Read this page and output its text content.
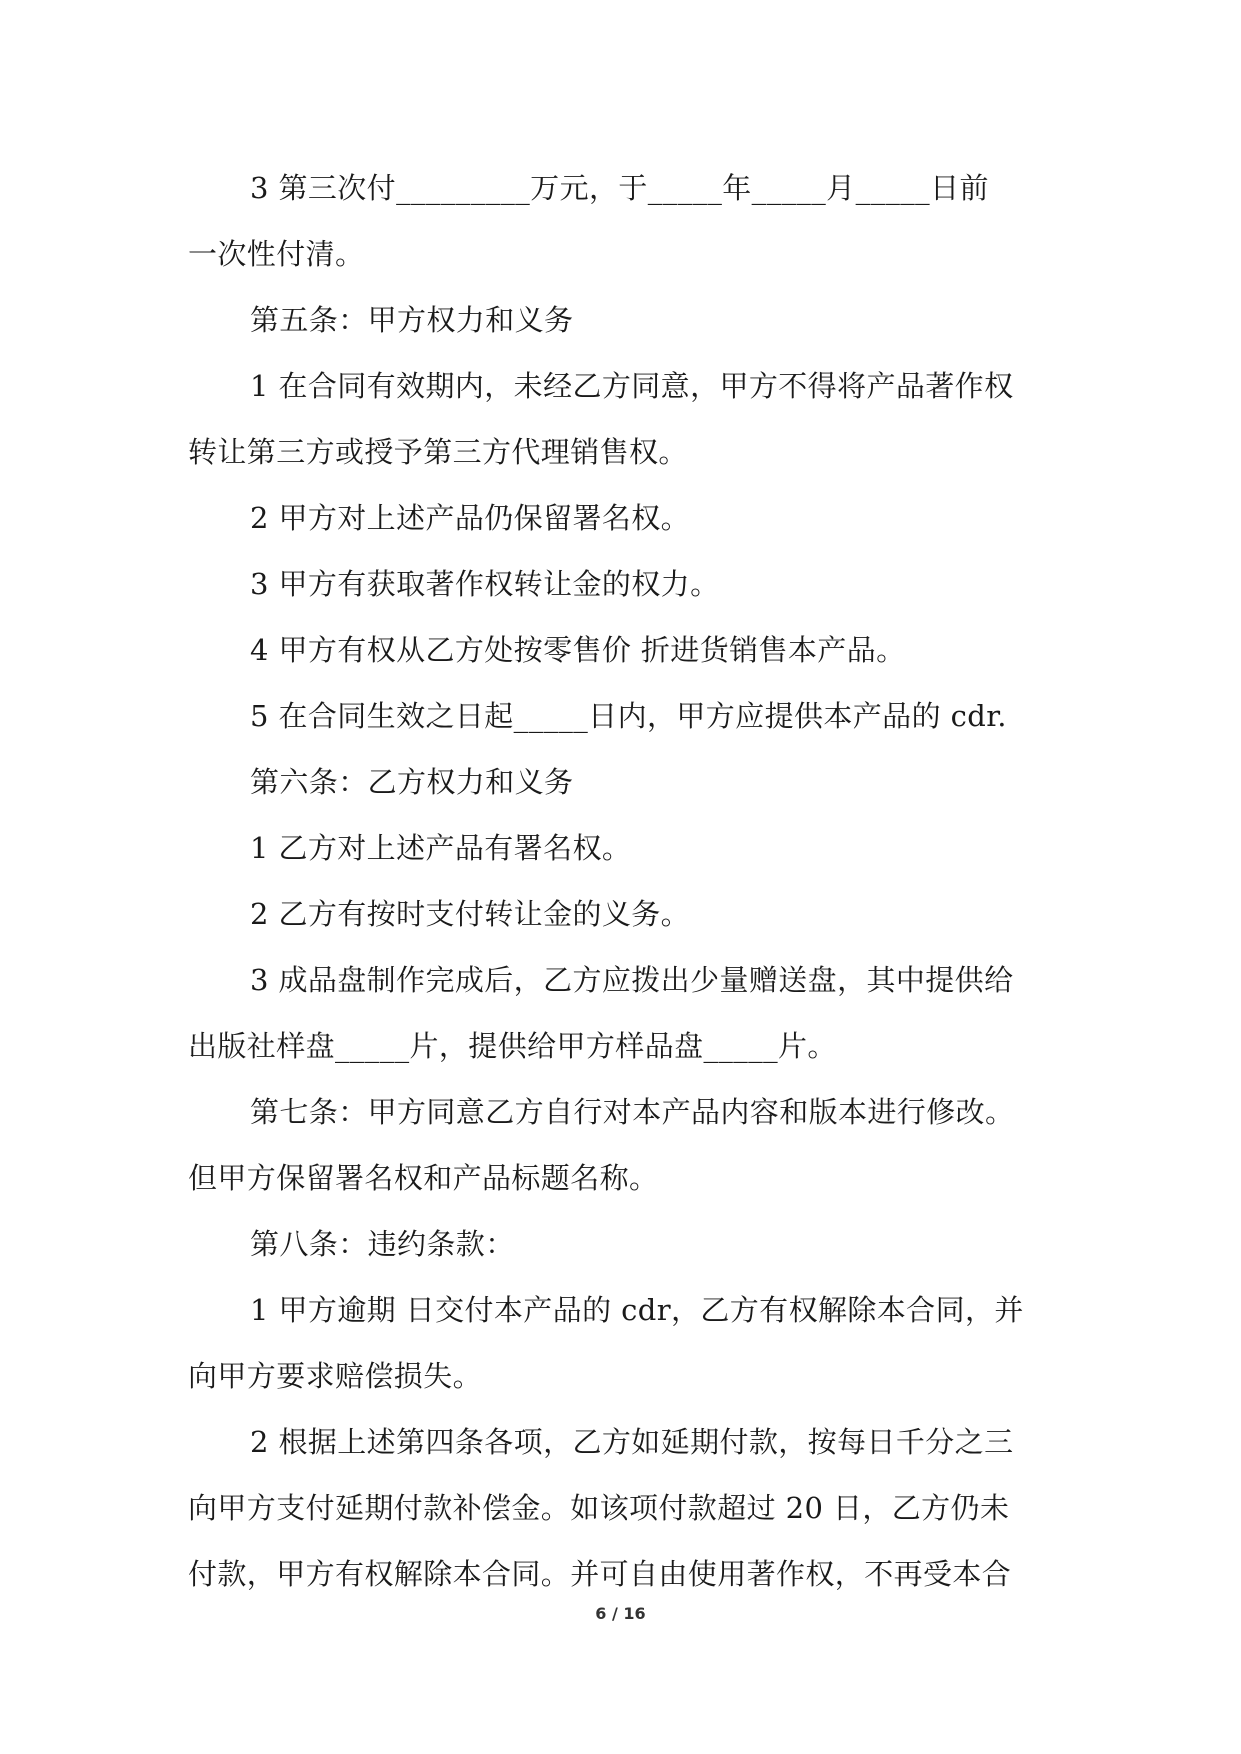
3 第三次付_________万元，于_____年_____月_____日前
一次性付清。
第五条：甲方权力和义务
1 在合同有效期内，未经乙方同意，甲方不得将产品著作权
转让第三方或授予第三方代理销售权。
2 甲方对上述产品仍保留署名权。
3 甲方有获取著作权转让金的权力。
4 甲方有权从乙方处按零售价 折进货销售本产品。
5 在合同生效之日起_____日内，甲方应提供本产品的 cdr.
第六条：乙方权力和义务
1 乙方对上述产品有署名权。
2 乙方有按时支付转让金的义务。
3 成品盘制作完成后，乙方应拨出少量赠送盘，其中提供给
出版社样盘_____片，提供给甲方样品盘_____片。
第七条：甲方同意乙方自行对本产品内容和版本进行修改。
但甲方保留署名权和产品标题名称。
第八条：违约条款：
1 甲方逾期 日交付本产品的 cdr，乙方有权解除本合同，并
向甲方要求赔偿损失。
2 根据上述第四条各项，乙方如延期付款，按每日千分之三
向甲方支付延期付款补偿金。如该项付款超过 20 日，乙方仍未
付款，甲方有权解除本合同。并可自由使用著作权，不再受本合
6 / 16
